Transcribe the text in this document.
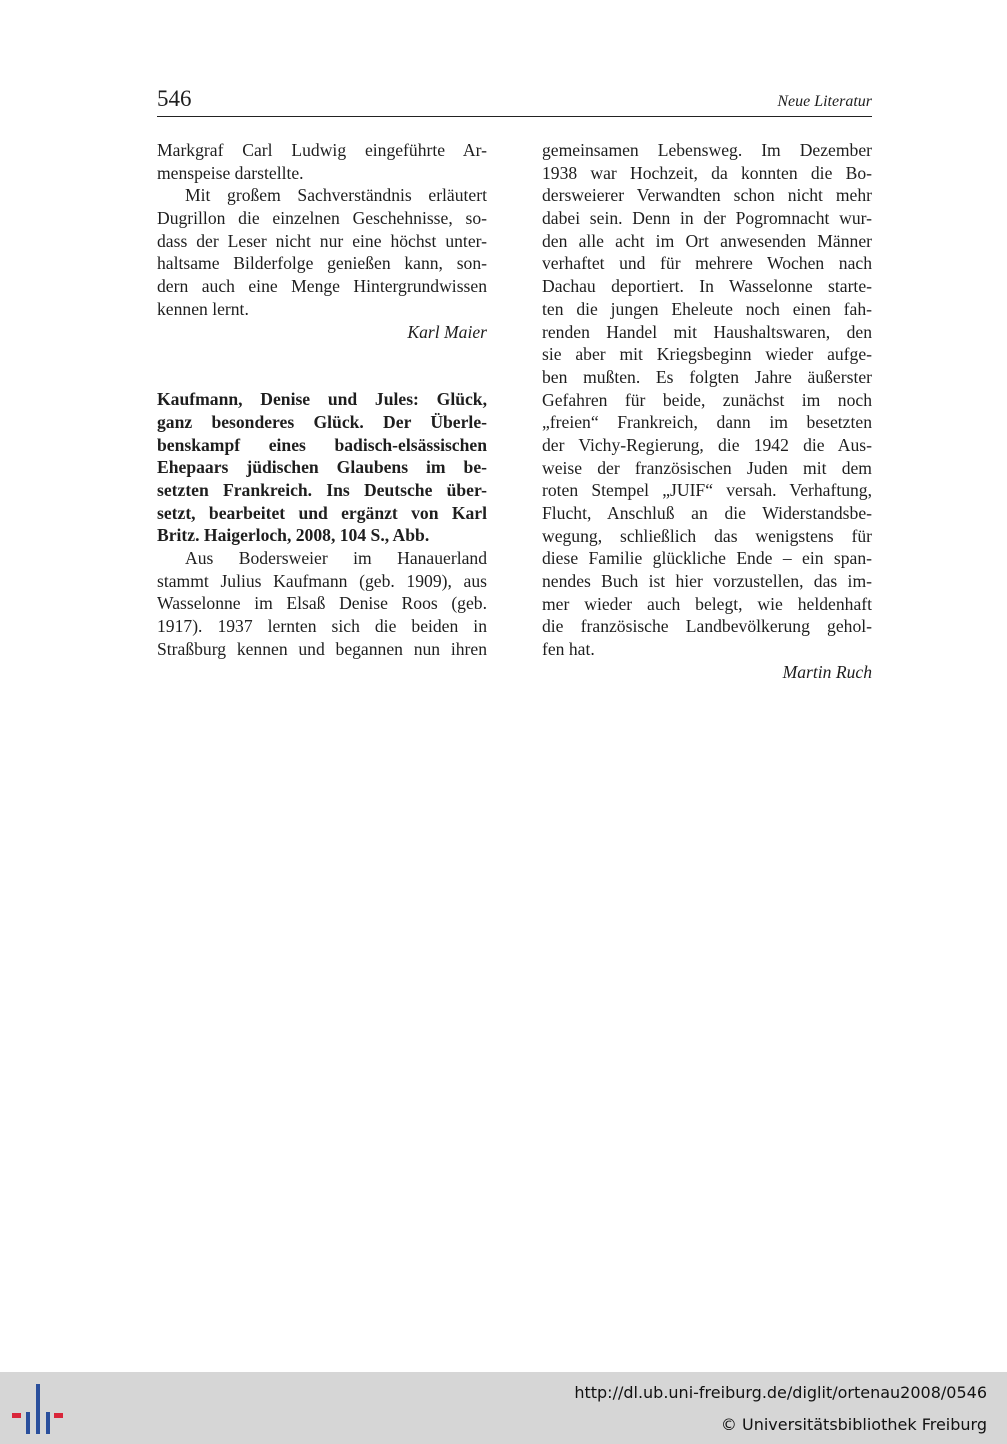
546	Neue Literatur
Markgraf Carl Ludwig eingeführte Ar-
menspeise darstellte.
Mit großem Sachverständnis erläutert
Dugrillon die einzelnen Geschehnisse, so-
dass der Leser nicht nur eine höchst unter-
haltsame Bilderfolge genießen kann, son-
dern auch eine Menge Hintergrundwissen
kennen lernt.
Karl Maier
Kaufmann, Denise und Jules: Glück,
ganz besonderes Glück. Der Überle-
benskampf eines badisch-elsässischen
Ehepaars jüdischen Glaubens im be-
setzten Frankreich. Ins Deutsche über-
setzt, bearbeitet und ergänzt von Karl
Britz. Haigerloch, 2008, 104 S., Abb.
Aus Bodersweier im Hanauerland
stammt Julius Kaufmann (geb. 1909), aus
Wasselonne im Elsaß Denise Roos (geb.
1917). 1937 lernten sich die beiden in
Straßburg kennen und begannen nun ihren
gemeinsamen Lebensweg. Im Dezember
1938 war Hochzeit, da konnten die Bo-
dersweierer Verwandten schon nicht mehr
dabei sein. Denn in der Pogromnacht wur-
den alle acht im Ort anwesenden Männer
verhaftet und für mehrere Wochen nach
Dachau deportiert. In Wasselonne starte-
ten die jungen Eheleute noch einen fah-
renden Handel mit Haushaltswaren, den
sie aber mit Kriegsbeginn wieder aufge-
ben mußten. Es folgten Jahre äußerster
Gefahren für beide, zunächst im noch
„freien“ Frankreich, dann im besetzten
der Vichy-Regierung, die 1942 die Aus-
weise der französischen Juden mit dem
roten Stempel „JUIF“ versah. Verhaftung,
Flucht, Anschluß an die Widerstandsbe-
wegung, schließlich das wenigstens für
diese Familie glückliche Ende – ein span-
nendes Buch ist hier vorzustellen, das im-
mer wieder auch belegt, wie heldenhaft
die französische Landbevölkerung gehol-
fen hat.
Martin Ruch
http://dl.ub.uni-freiburg.de/diglit/ortenau2008/0546
© Universitätsbibliothek Freiburg
